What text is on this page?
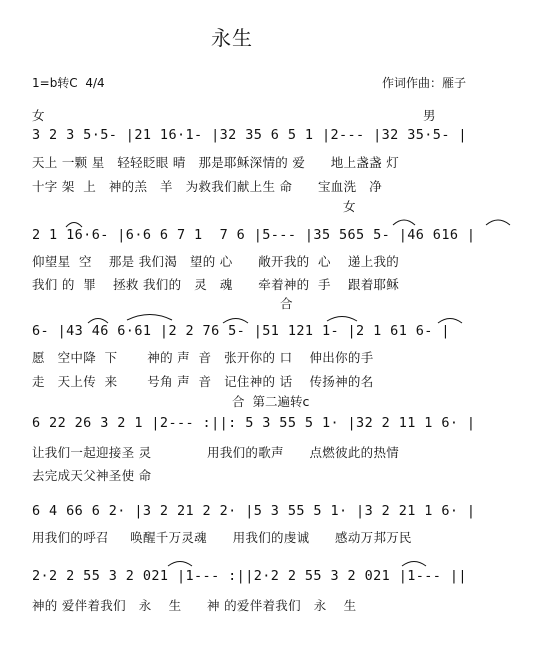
永生
1=b转C  4/4	作词作曲：雁子
女	男
3 2 3 5·5- |21 16·1- |32 35 6 5 1 |2--- |32 35·5- |
天上 一颗 星   轻轻眨眼 晴   那是耶稣深情的 爱      地上盏盏 灯
十字 架  上   神的羔   羊   为救我们献上生 命      宝血洗   净
女
2 1 16·6- |6·6 6 7 1  7 6 |5--- |35 565 5- |46 616 |
仰望星  空    那是 我们渴   望的 心      敞开我的  心    递上我的
我们 的  罪    拯救 我们的   灵   魂      牵着神的  手    跟着耶稣
合
6- |43 46 6·61 |2 2 76 5- |51 121 1- |2 1 61 6- |
愿   空中降  下       神的 声  音   张开你的 口    伸出你的手
走   天上传  来       号角 声  音   记住神的 话    传扬神的名
合  第二遍转c
6 22 26 3 2 1 |2--- :||: 5 3 55 5 1· |32 2 11 1 6· |
让我们一起迎接圣 灵             用我们的歌声      点燃彼此的热情
去完成天父神圣使 命
6 4 66 6 2· |3 2 21 2 2· |5 3 55 5 1· |3 2 21 1 6· |
用我们的呼召     唤醒千万灵魂      用我们的虔诚      感动万邦万民
2·2 2 55 3 2 021 |1--- :||2·2 2 55 3 2 021 |1--- ||
神的 爱伴着我们   永    生      神 的爱伴着我们   永    生
